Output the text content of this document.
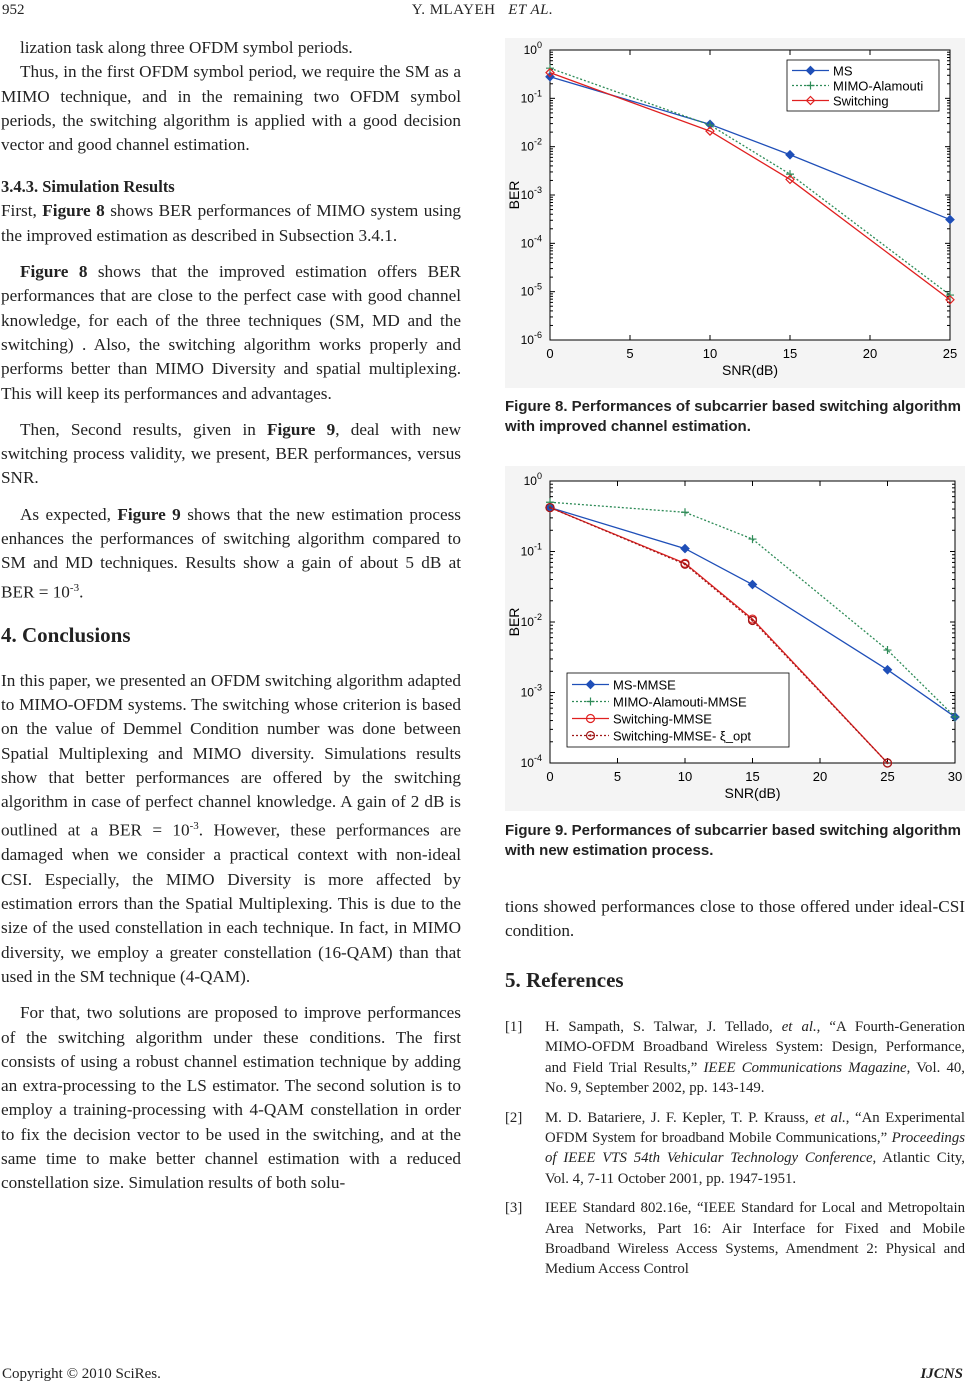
952	Y. MLAYEH ET AL.

lization task along three OFDM symbol periods.

Thus, in the first OFDM symbol period, we require the SM as a MIMO technique, and in the remaining two OFDM symbol periods, the switching algorithm is applied with a good decision vector and good channel estimation.

3.4.3. Simulation Results

First, Figure 8 shows BER performances of MIMO system using the improved estimation as described in Subsection 3.4.1.

Figure 8 shows that the improved estimation offers BER performances that are close to the perfect case with good channel knowledge, for each of the three techniques (SM, MD and the switching) . Also, the switching algorithm works properly and performs better than MIMO Diversity and spatial multiplexing. This will keep its performances and advantages.

Then, Second results, given in Figure 9, deal with new switching process validity, we present, BER performances, versus SNR.

As expected, Figure 9 shows that the new estimation process enhances the performances of switching algorithm compared to SM and MD techniques. Results show a gain of about 5 dB at BER = $10^{-3}$.

4. Conclusions

In this paper, we presented an OFDM switching algorithm adapted to MIMO-OFDM systems. The switching whose criterion is based on the value of Demmel Condition number was done between Spatial Multiplexing and MIMO diversity. Simulations results show that better performances are offered by the switching algorithm in case of perfect channel knowledge. A gain of 2 dB is outlined at a BER = $10^{-3}$. However, these performances are damaged when we consider a practical context with non-ideal CSI. Especially, the MIMO Diversity is more affected by estimation errors than the Spatial Multiplexing. This is due to the size of the used constellation in each technique. In fact, in MIMO diversity, we employ a greater constellation (16-QAM) than that used in the SM technique (4-QAM).

For that, two solutions are proposed to improve performances of the switching algorithm under these conditions. The first consists of using a robust channel estimation technique by adding an extra-processing to the LS estimator. The second solution is to employ a training-processing with 4-QAM constellation in order to fix the decision vector to be used in the switching, and at the same time to make better channel estimation with a reduced constellation size. Simulation results of both solu-

0	5	10	15	20	25
$10^0$
$10^{-1}$
$10^{-2}$
$10^{-3}$
$10^{-4}$
$10^{-5}$
$10^{-6}$
SNR(dB)
BER
MS
MIMO-Alamouti
Switching
Figure 8. Performances of subcarrier based switching algorithm with improved channel estimation.
0	5	10	15	20	25	30
$10^0$
$10^{-1}$
$10^{-2}$
$10^{-3}$
$10^{-4}$
SNR(dB)
BER
MS-MMSE
MIMO-Alamouti-MMSE
Switching-MMSE
Switching-MMSE- ξ_opt
Figure 9. Performances of subcarrier based switching algorithm with new estimation process.

tions showed performances close to those offered under ideal-CSI condition.

5. References
[1] H. Sampath, S. Talwar, J. Tellado, et al., “A Fourth-Generation MIMO-OFDM Broadband Wireless System: Design, Performance, and Field Trial Results,” IEEE Communications Magazine, Vol. 40, No. 9, September 2002, pp. 143-149.
[2] M. D. Batariere, J. F. Kepler, T. P. Krauss, et al., “An Experimental OFDM System for broadband Mobile Communications,” Proceedings of IEEE VTS 54th Vehicular Technology Conference, Atlantic City, Vol. 4, 7-11 October 2001, pp. 1947-1951.
[3] IEEE Standard 802.16e, “IEEE Standard for Local and Metropoltain Area Networks, Part 16: Air Interface for Fixed and Mobile Broadband Wireless Access Systems, Amendment 2: Physical and Medium Access Control
Copyright © 2010 SciRes.	IJCNS
